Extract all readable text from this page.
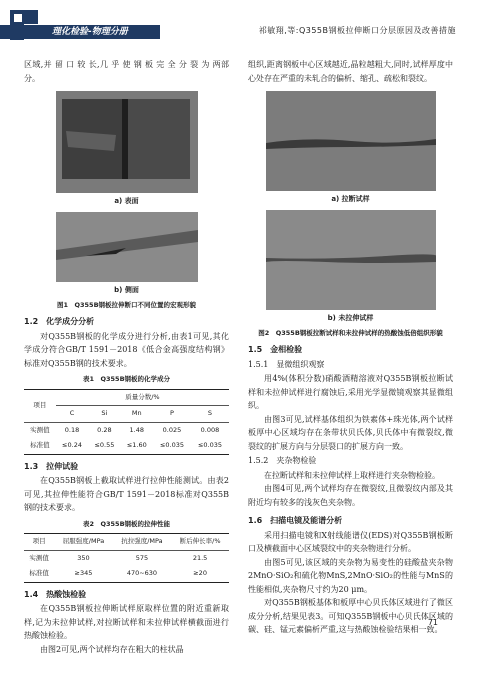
理化检验-物理分册	祁敏翔,等:Q355B钢板拉伸断口分层原因及改善措施

区域,并 留 口 较 长,几 乎 使 钢 板 完 全 分 裂 为 两部分。

a) 表面
b) 侧面
图1　Q355B钢板拉伸断口不同位置的宏观形貌
1.2　化学成分分析

对Q355B钢板的化学成分进行分析,由表1可见,其化学成分符合GB/T 1591－2018《低合金高强度结构钢》标准对Q355B钢的技术要求。

表1　Q355B钢板的化学成分
项目	质量分数/%				
	C	Si	Mn	P	S
实测值	0.18	0.28	1.48	0.025	0.008
标准值	≤0.24	≤0.55	≤1.60	≤0.035	≤0.035
1.3　拉伸试验

在Q355B钢板上截取试样进行拉伸性能测试。由表2可见,其拉伸性能符合GB/T 1591－2018标准对Q355B钢的技术要求。

表2　Q355B钢板的拉伸性能
项目	屈服强度/MPa	抗拉强度/MPa	断后伸长率/%
实测值	350	575	21.5
标准值	≥345	470~630	≥20
1.4　热酸蚀检验

在Q355B钢板拉伸断试样原取样位置的附近重新取样,记为未拉伸试样,对拉断试样和未拉伸试样横截面进行热酸蚀检验。

由图2可见,两个试样均存在粗大的柱状晶

组织,距离钢板中心区域越近,晶粒越粗大,同时,试样厚度中心处存在严重的未轧合的偏析、缩孔、疏松和裂纹。

a) 拉断试样
b) 未拉伸试样
图2　Q355B钢板拉断试样和未拉伸试样的热酸蚀低倍组织形貌
1.5　金相检验
1.5.1　显微组织观察

用4%(体积分数)硝酸酒精溶液对Q355B钢板拉断试样和未拉伸试样进行腐蚀后,采用光学显微镜观察其显微组织。

由图3可见,试样基体组织为铁素体+珠光体,两个试样板厚中心区域均存在条带状贝氏体,贝氏体中有微裂纹,微裂纹的扩展方向与分层裂口的扩展方向一致。

1.5.2　夹杂物检验

在拉断试样和未拉伸试样上取样进行夹杂物检验。

由图4可见,两个试样均存在微裂纹,且微裂纹内部及其附近均有较多的浅灰色夹杂物。

1.6　扫描电镜及能谱分析

采用扫描电镜和X射线能谱仪(EDS)对Q355B钢板断口及横截面中心区域裂纹中的夹杂物进行分析。

由图5可见,该区域的夹杂物为易变性的硅酸盐夹杂物2MnO·SiO₂和硫化物MnS,2MnO·SiO₂的性能与MnS的性能相似,夹杂物尺寸约为20 μm。

对Q355B钢板基体和板厚中心贝氏体区域进行了微区成分分析,结果见表3。可知Q355B钢板中心贝氏体区域的碳、硅、锰元素偏析严重,这与热酸蚀检验结果相一致。

71
